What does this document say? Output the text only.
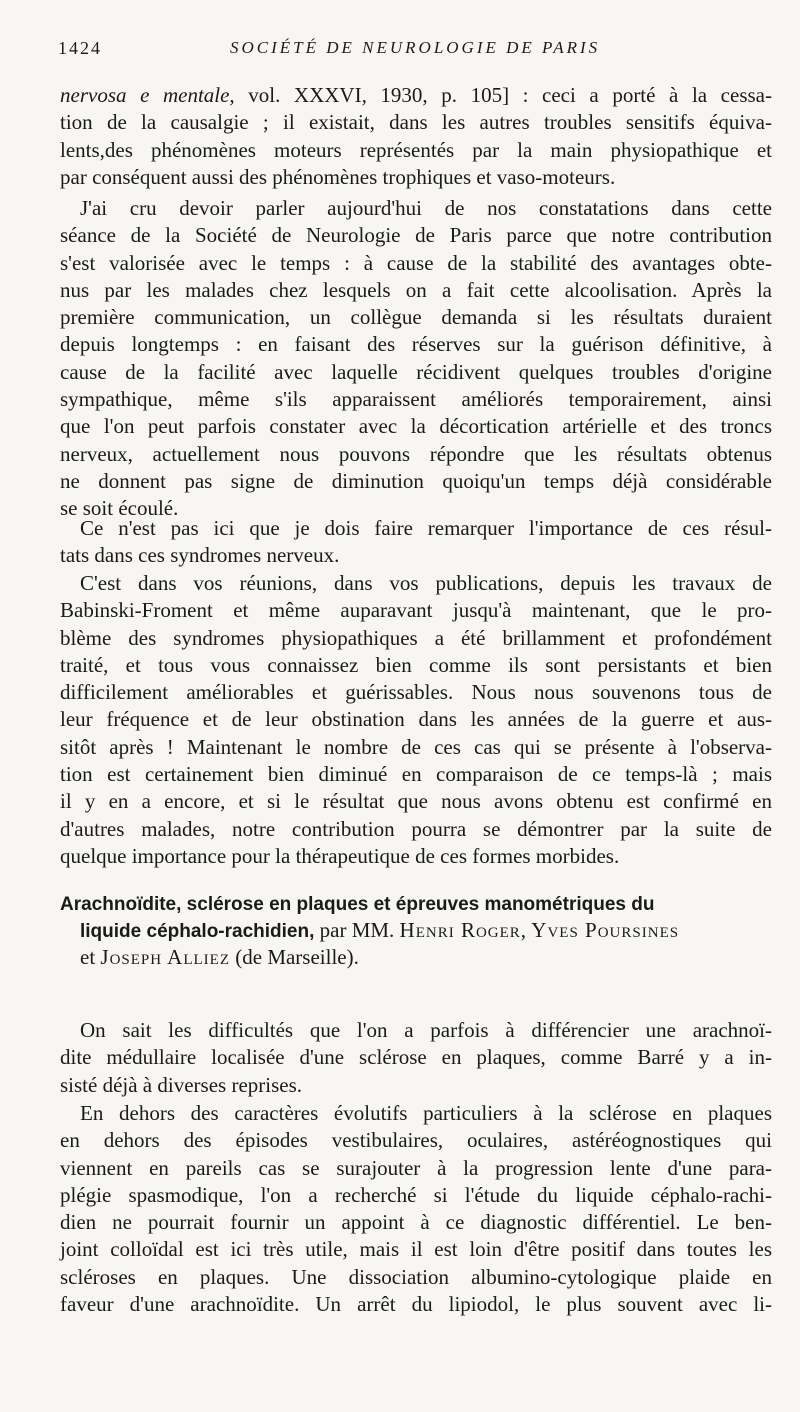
1424	SOCIÉTÉ DE NEUROLOGIE DE PARIS
nervosa e mentale, vol. XXXVI, 1930, p. 105] : ceci a porté à la cessa-
tion de la causalgie ; il existait, dans les autres troubles sensitifs équiva-
lents,des phénomènes moteurs représentés par la main physiopathique et
par conséquent aussi des phénomènes trophiques et vaso-moteurs.
J'ai cru devoir parler aujourd'hui de nos constatations dans cette
séance de la Société de Neurologie de Paris parce que notre contribution
s'est valorisée avec le temps : à cause de la stabilité des avantages obte-
nus par les malades chez lesquels on a fait cette alcoolisation. Après la
première communication, un collègue demanda si les résultats duraient
depuis longtemps : en faisant des réserves sur la guérison définitive, à
cause de la facilité avec laquelle récidivent quelques troubles d'origine
sympathique, même s'ils apparaissent améliorés temporairement, ainsi
que l'on peut parfois constater avec la décortication artérielle et des troncs
nerveux, actuellement nous pouvons répondre que les résultats obtenus
ne donnent pas signe de diminution quoiqu'un temps déjà considérable
se soit écoulé.
Ce n'est pas ici que je dois faire remarquer l'importance de ces résul-
tats dans ces syndromes nerveux.
C'est dans vos réunions, dans vos publications, depuis les travaux de
Babinski-Froment et même auparavant jusqu'à maintenant, que le pro-
blème des syndromes physiopathiques a été brillamment et profondément
traité, et tous vous connaissez bien comme ils sont persistants et bien
difficilement améliorables et guérissables. Nous nous souvenons tous de
leur fréquence et de leur obstination dans les années de la guerre et aus-
sitôt après ! Maintenant le nombre de ces cas qui se présente à l'observa-
tion est certainement bien diminué en comparaison de ce temps-là ; mais
il y en a encore, et si le résultat que nous avons obtenu est confirmé en
d'autres malades, notre contribution pourra se démontrer par la suite de
quelque importance pour la thérapeutique de ces formes morbides.
Arachnoïdite, sclérose en plaques et épreuves manométriques du
liquide céphalo-rachidien, par MM. Henri Roger, Yves Poursines
et Joseph Alliez (de Marseille).
On sait les difficultés que l'on a parfois à différencier une arachnoï-
dite médullaire localisée d'une sclérose en plaques, comme Barré y a in-
sisté déjà à diverses reprises.
En dehors des caractères évolutifs particuliers à la sclérose en plaques
en dehors des épisodes vestibulaires, oculaires, astéréognostiques qui
viennent en pareils cas se surajouter à la progression lente d'une para-
plégie spasmodique, l'on a recherché si l'étude du liquide céphalo-rachi-
dien ne pourrait fournir un appoint à ce diagnostic différentiel. Le ben-
joint colloïdal est ici très utile, mais il est loin d'être positif dans toutes les
scléroses en plaques. Une dissociation albumino-cytologique plaide en
faveur d'une arachnoïdite. Un arrêt du lipiodol, le plus souvent avec li-
